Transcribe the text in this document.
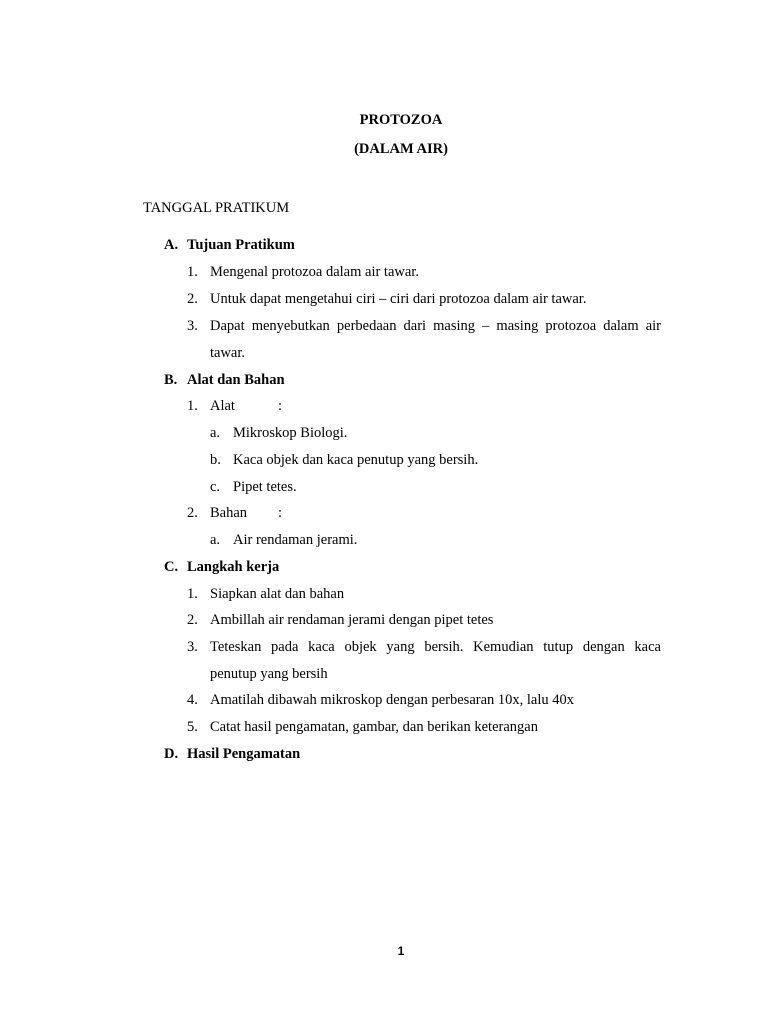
PROTOZOA
(DALAM AIR)
TANGGAL PRATIKUM
A. Tujuan Pratikum
1. Mengenal protozoa dalam air tawar.
2. Untuk dapat mengetahui ciri – ciri dari protozoa dalam air tawar.
3. Dapat menyebutkan perbedaan dari masing – masing protozoa dalam air
tawar.
B. Alat dan Bahan
1. Alat	:
a. Mikroskop Biologi.
b. Kaca objek dan kaca penutup yang bersih.
c. Pipet tetes.
2. Bahan :
a. Air rendaman jerami.
C. Langkah kerja
1. Siapkan alat dan bahan
2. Ambillah air rendaman jerami dengan pipet tetes
3. Teteskan pada kaca objek yang bersih. Kemudian tutup dengan kaca
penutup yang bersih
4. Amatilah dibawah mikroskop dengan perbesaran 10x, lalu 40x
5. Catat hasil pengamatan, gambar, dan berikan keterangan
D. Hasil Pengamatan
1
